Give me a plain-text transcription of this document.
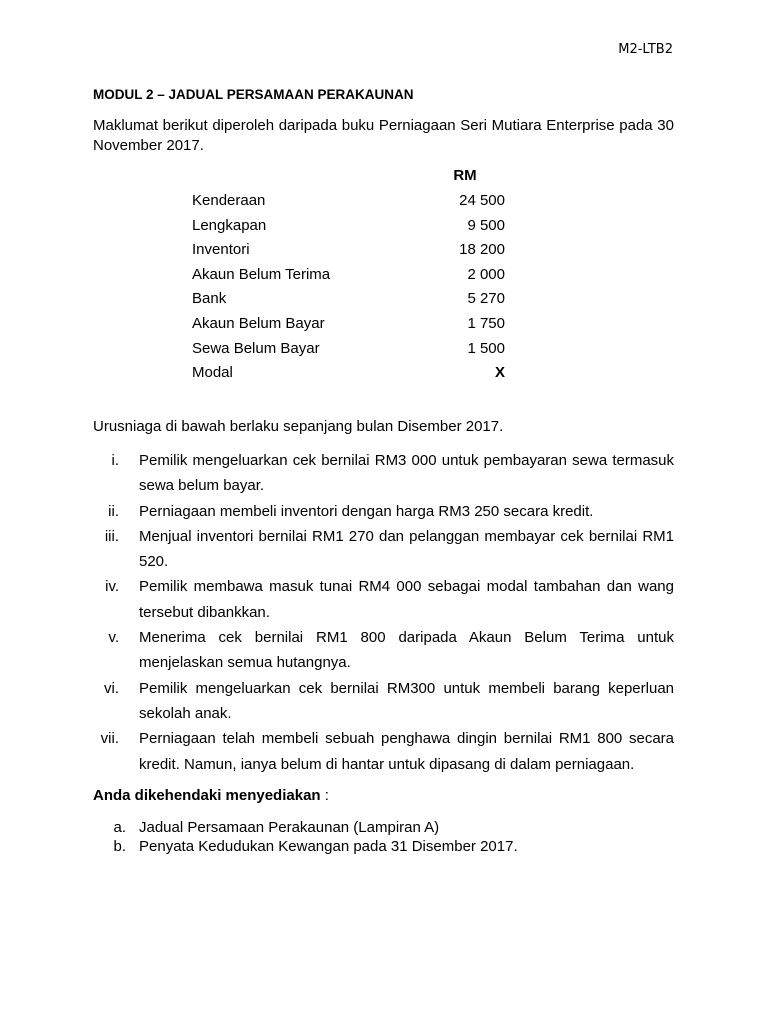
M2-LTB2
MODUL 2 – JADUAL PERSAMAAN PERAKAUNAN
Maklumat berikut diperoleh daripada buku Perniagaan Seri Mutiara Enterprise pada 30 November 2017.
RM
Kenderaan	24 500
Lengkapan	9 500
Inventori	18 200
Akaun Belum Terima	2 000
Bank	5 270
Akaun Belum Bayar	1 750
Sewa Belum Bayar	1 500
Modal	X
Urusniaga di bawah berlaku sepanjang bulan Disember 2017.
i. Pemilik mengeluarkan cek bernilai RM3 000 untuk pembayaran sewa termasuk sewa belum bayar.
ii. Perniagaan membeli inventori dengan harga RM3 250 secara kredit.
iii. Menjual inventori bernilai RM1 270 dan pelanggan membayar cek bernilai RM1 520.
iv. Pemilik membawa masuk tunai RM4 000 sebagai modal tambahan dan wang tersebut dibankkan.
v. Menerima cek bernilai RM1 800 daripada Akaun Belum Terima untuk menjelaskan semua hutangnya.
vi. Pemilik mengeluarkan cek bernilai RM300 untuk membeli barang keperluan sekolah anak.
vii. Perniagaan telah membeli sebuah penghawa dingin bernilai RM1 800 secara kredit. Namun, ianya belum di hantar untuk dipasang di dalam perniagaan.
Anda dikehendaki menyediakan :
a. Jadual Persamaan Perakaunan (Lampiran A)
b. Penyata Kedudukan Kewangan pada 31 Disember 2017.
